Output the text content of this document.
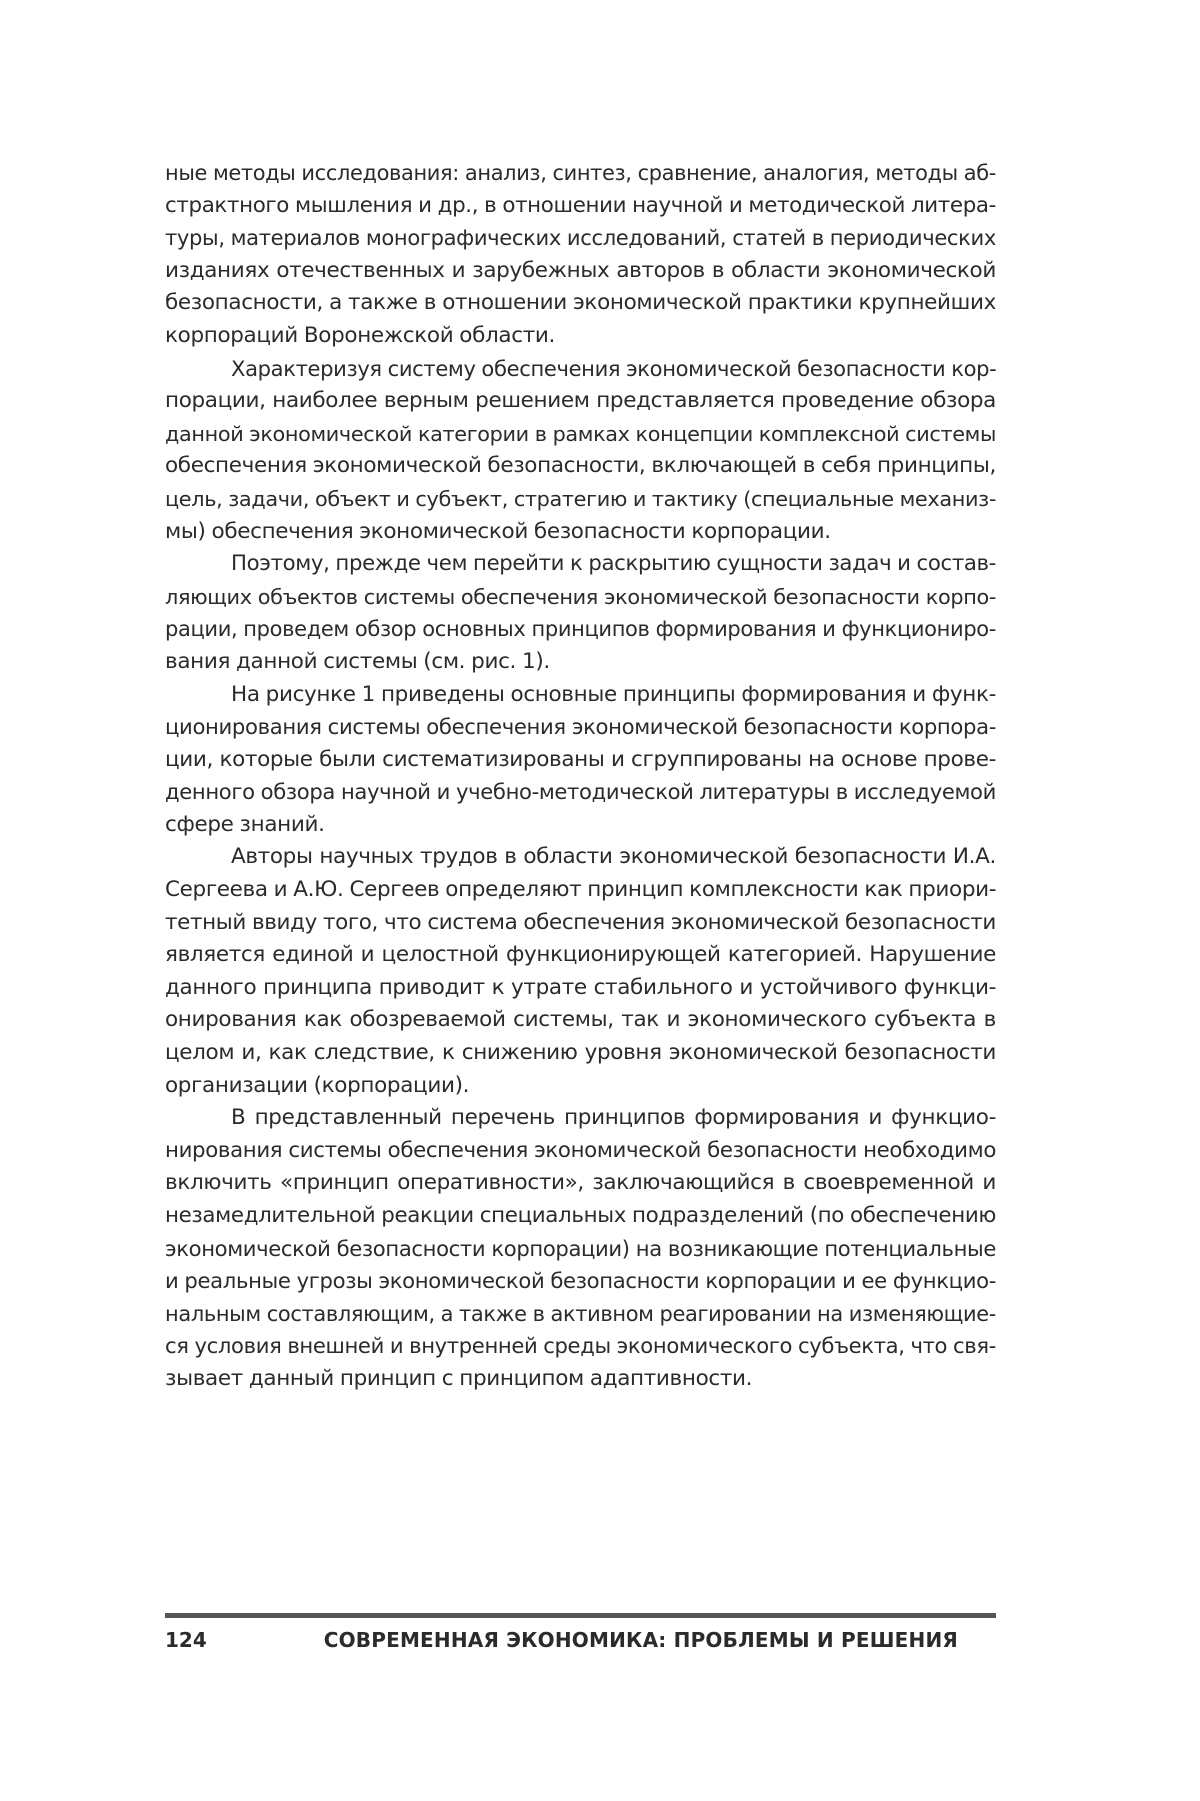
ные методы исследования: анализ, синтез, сравнение, аналогия, методы аб-
страктного мышления и др., в отношении научной и методической литера-
туры, материалов монографических исследований, статей в периодических
изданиях отечественных и зарубежных авторов в области экономической
безопасности, а также в отношении экономической практики крупнейших
корпораций Воронежской области.
Характеризуя систему обеспечения экономической безопасности кор-
порации, наиболее верным решением представляется проведение обзора
данной экономической категории в рамках концепции комплексной системы
обеспечения экономической безопасности, включающей в себя принципы,
цель, задачи, объект и субъект, стратегию и тактику (специальные механиз-
мы) обеспечения экономической безопасности корпорации.
Поэтому, прежде чем перейти к раскрытию сущности задач и состав-
ляющих объектов системы обеспечения экономической безопасности корпо-
рации, проведем обзор основных принципов формирования и функциониро-
вания данной системы (см. рис. 1).
На рисунке 1 приведены основные принципы формирования и функ-
ционирования системы обеспечения экономической безопасности корпора-
ции, которые были систематизированы и сгруппированы на основе прове-
денного обзора научной и учебно-методической литературы в исследуемой
сфере знаний.
Авторы научных трудов в области экономической безопасности И.А.
Сергеева и А.Ю. Сергеев определяют принцип комплексности как приори-
тетный ввиду того, что система обеспечения экономической безопасности
является единой и целостной функционирующей категорией. Нарушение
данного принципа приводит к утрате стабильного и устойчивого функци-
онирования как обозреваемой системы, так и экономического субъекта в
целом и, как следствие, к снижению уровня экономической безопасности
организации (корпорации).
В представленный перечень принципов формирования и функцио-
нирования системы обеспечения экономической безопасности необходимо
включить «принцип оперативности», заключающийся в своевременной и
незамедлительной реакции специальных подразделений (по обеспечению
экономической безопасности корпорации) на возникающие потенциальные
и реальные угрозы экономической безопасности корпорации и ее функцио-
нальным составляющим, а также в активном реагировании на изменяющие-
ся условия внешней и внутренней среды экономического субъекта, что свя-
зывает данный принцип с принципом адаптивности.
124	СОВРЕМЕННАЯ ЭКОНОМИКА: ПРОБЛЕМЫ И РЕШЕНИЯ
